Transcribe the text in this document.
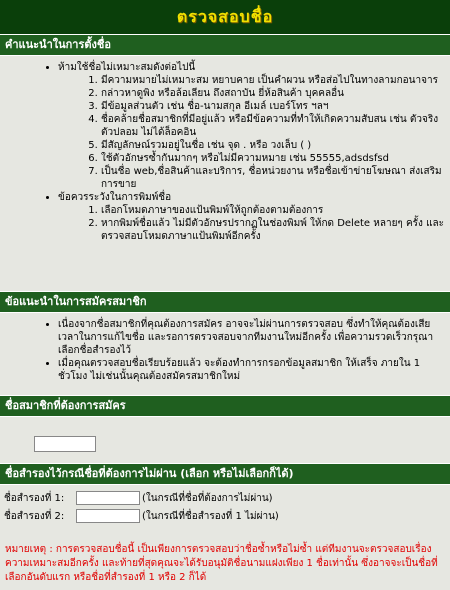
ตรวจสอบชื่อ
คำแนะนำในการตั้งชื่อ
• ห้ามใช้ชื่อไม่เหมาะสมดังต่อไปนี้
1. มีความหมายไม่เหมาะสม หยาบคาย เป็นคำผวน หรือส่อไปในทางลามกอนาจาร
2. กล่าวหาดูพิง หรือล้อเลียน ถึงสถาบัน ยี่ห้อสินค้า บุคคลอื่น
3. มีข้อมูลส่วนตัว เช่น ชื่อ-นามสกุล อีเมล์ เบอร์โทร ฯลฯ
4. ชื่อคล้ายชื่อสมาชิกที่มีอยู่แล้ว หรือมีข้อความที่ทำให้เกิดความสับสน เช่น ตัวจริง ตัวปลอม ไม่ได้ล็อคอิน
5. มีสัญลักษณ์รวมอยู่ในชื่อ เช่น จุด . หรือ วงเล็บ ( )
6. ใช้ตัวอักษรซ้ำกันมากๆ หรือไม่มีความหมาย เช่น 55555,adsdsfsd
7. เป็นชื่อ web,ชื่อสินค้าและบริการ, ชื่อหน่วยงาน หรือชื่อเข้าข่ายโฆษณา ส่งเสริมการขาย
• ข้อควรระวังในการพิมพ์ชื่อ
1. เลือกโหมดภาษาของแป้นพิมพ์ให้ถูกต้องตามต้องการ
2. หากพิมพ์ชื่อแล้ว ไม่มีตัวอักษรปรากฏในช่องพิมพ์ ให้กด Delete หลายๆ ครั้ง และตรวจสอบโหมดภาษาแป้นพิมพ์อีกครั้ง
ข้อแนะนำในการสมัครสมาชิก
• เนื่องจากชื่อสมาชิกที่คุณต้องการสมัคร อาจจะไม่ผ่านการตรวจสอบ ซึ่งทำให้คุณต้องเสียเวลาในการแก้ไขชื่อ และรอการตรวจสอบจากทีมงานใหม่อีกครั้ง เพื่อความรวดเร็วกรุณาเลือกชื่อสำรองไว้
• เมื่อคุณตรวจสอบชื่อเรียบร้อยแล้ว จะต้องทำการกรอกข้อมูลสมาชิก ให้เสร็จ ภายใน 1 ชั่วโมง ไม่เช่นนั้นคุณต้องสมัครสมาชิกใหม่
ชื่อสมาชิกที่ต้องการสมัคร
ชื่อสำรองไว้กรณีชื่อที่ต้องการไม่ผ่าน (เลือก หรือไม่เลือกก็ได้)
ชื่อสำรองที่ 1:	(ในกรณีที่ชื่อที่ต้องการไม่ผ่าน)
ชื่อสำรองที่ 2:	(ในกรณีที่ชื่อสำรองที่ 1 ไม่ผ่าน)
หมายเหตุ : การตรวจสอบชื่อนี้ เป็นเพียงการตรวจสอบว่าชื่อซ้ำหรือไม่ซ้ำ แต่ทีมงานจะตรวจสอบเรื่องความเหมาะสมอีกครั้ง และท้ายที่สุดคุณจะได้รับอนุมัติชื่อนามแฝงเพียง 1 ชื่อเท่านั้น ซึ่งอาจจะเป็นชื่อที่เลือกอันดับแรก หรือชื่อที่สำรองที่ 1 หรือ 2 ก็ได้
